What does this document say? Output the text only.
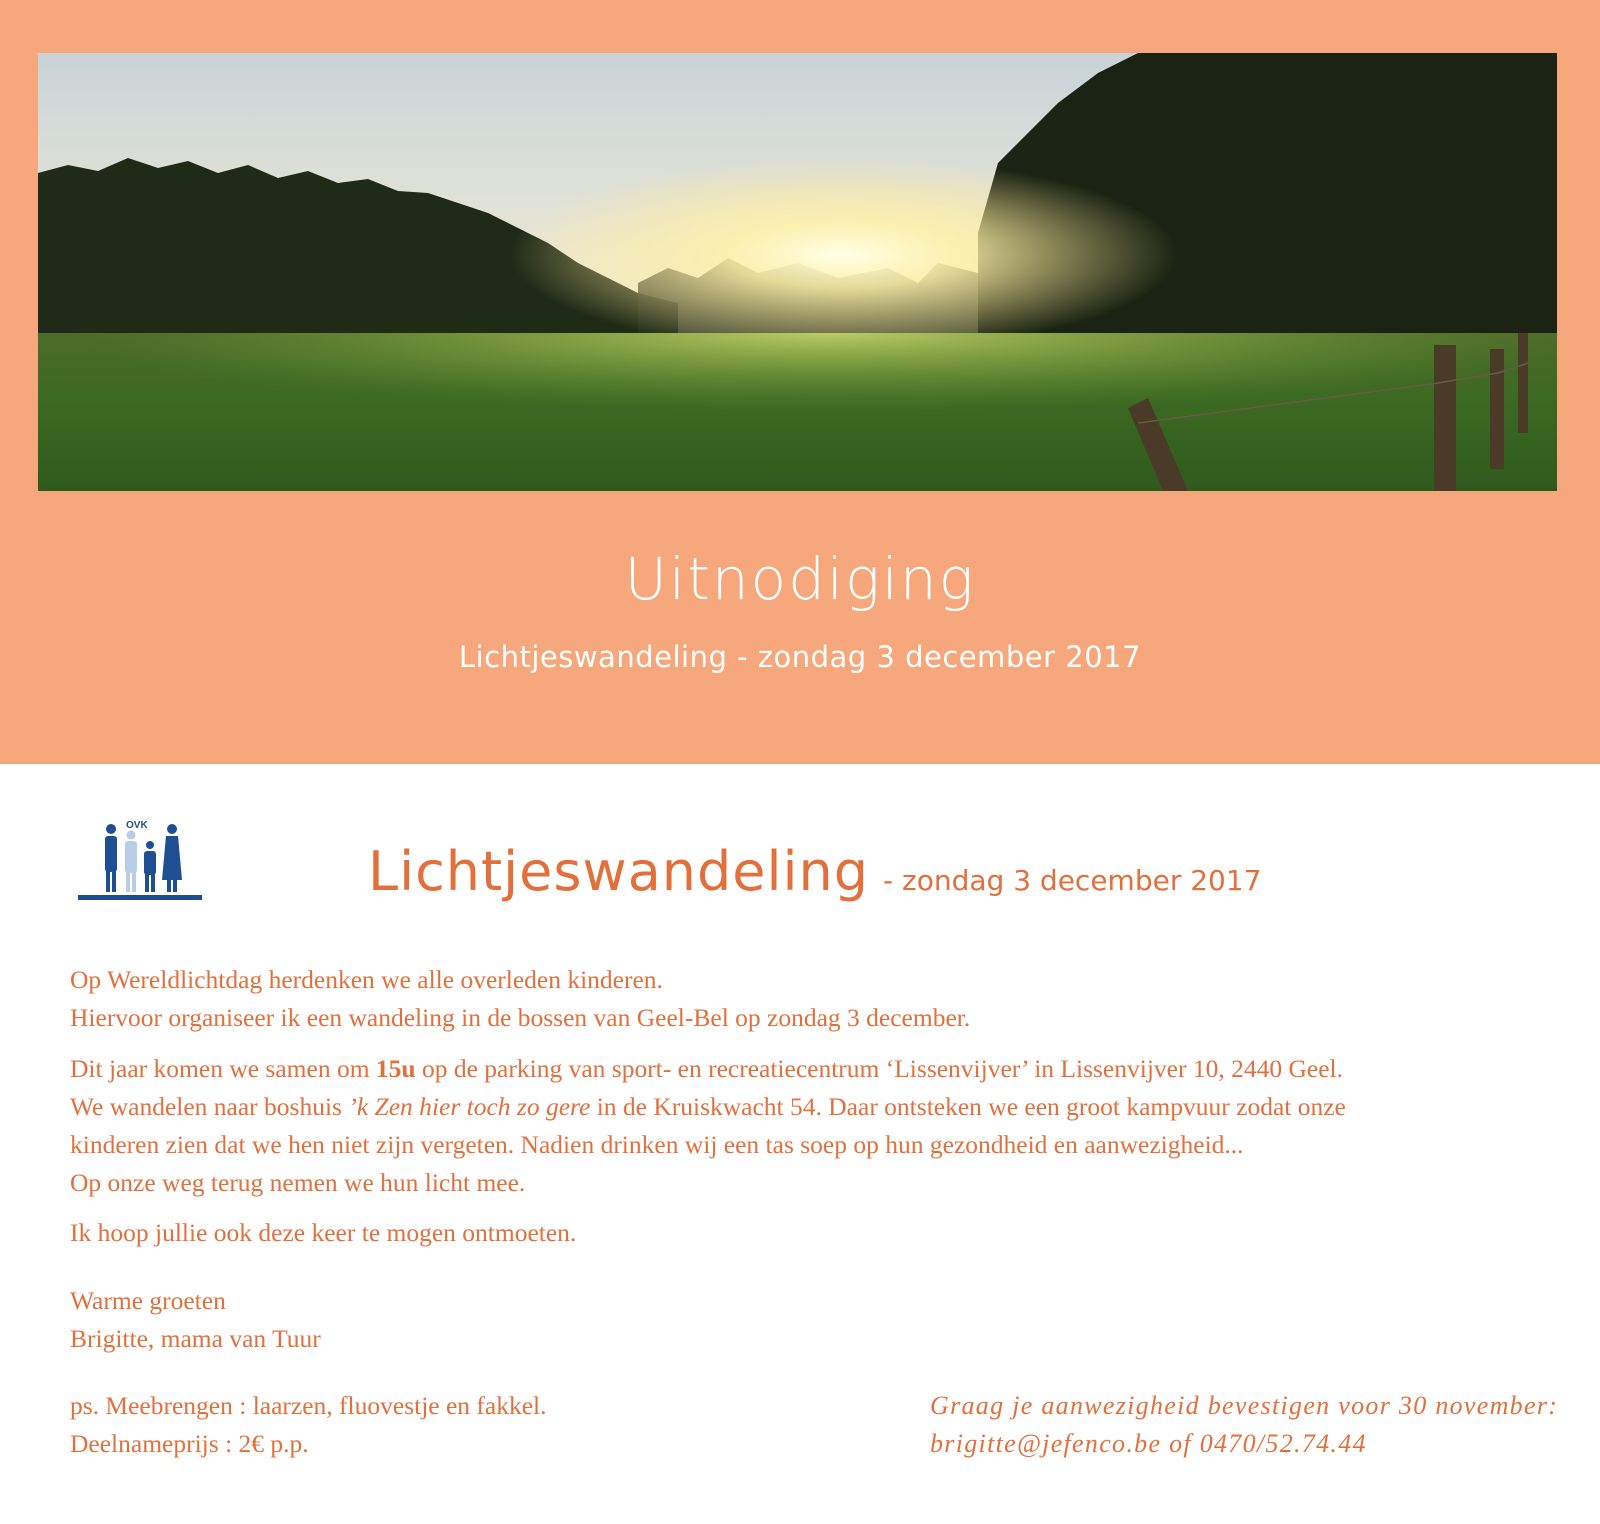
Uitnodiging
Lichtjeswandeling - zondag 3 december 2017
OVK
Lichtjeswandeling - zondag 3 december 2017

Op Wereldlichtdag herdenken we alle overleden kinderen.
Hiervoor organiseer ik een wandeling in de bossen van Geel-Bel op zondag 3 december.

Dit jaar komen we samen om 15u op de parking van sport- en recreatiecentrum ‘Lissenvijver’ in Lissenvijver 10, 2440 Geel.
We wandelen naar boshuis ’k Zen hier toch zo gere in de Kruiskwacht 54. Daar ontsteken we een groot kampvuur zodat onze
kinderen zien dat we hen niet zijn vergeten. Nadien drinken wij een tas soep op hun gezondheid en aanwezigheid...
Op onze weg terug nemen we hun licht mee.

Ik hoop jullie ook deze keer te mogen ontmoeten.

Warme groeten
Brigitte, mama van Tuur

ps. Meebrengen : laarzen, fluovestje en fakkel.
Deelnameprijs : 2€ p.p.

Graag je aanwezigheid bevestigen voor 30 november:
brigitte@jefenco.be of 0470/52.74.44
